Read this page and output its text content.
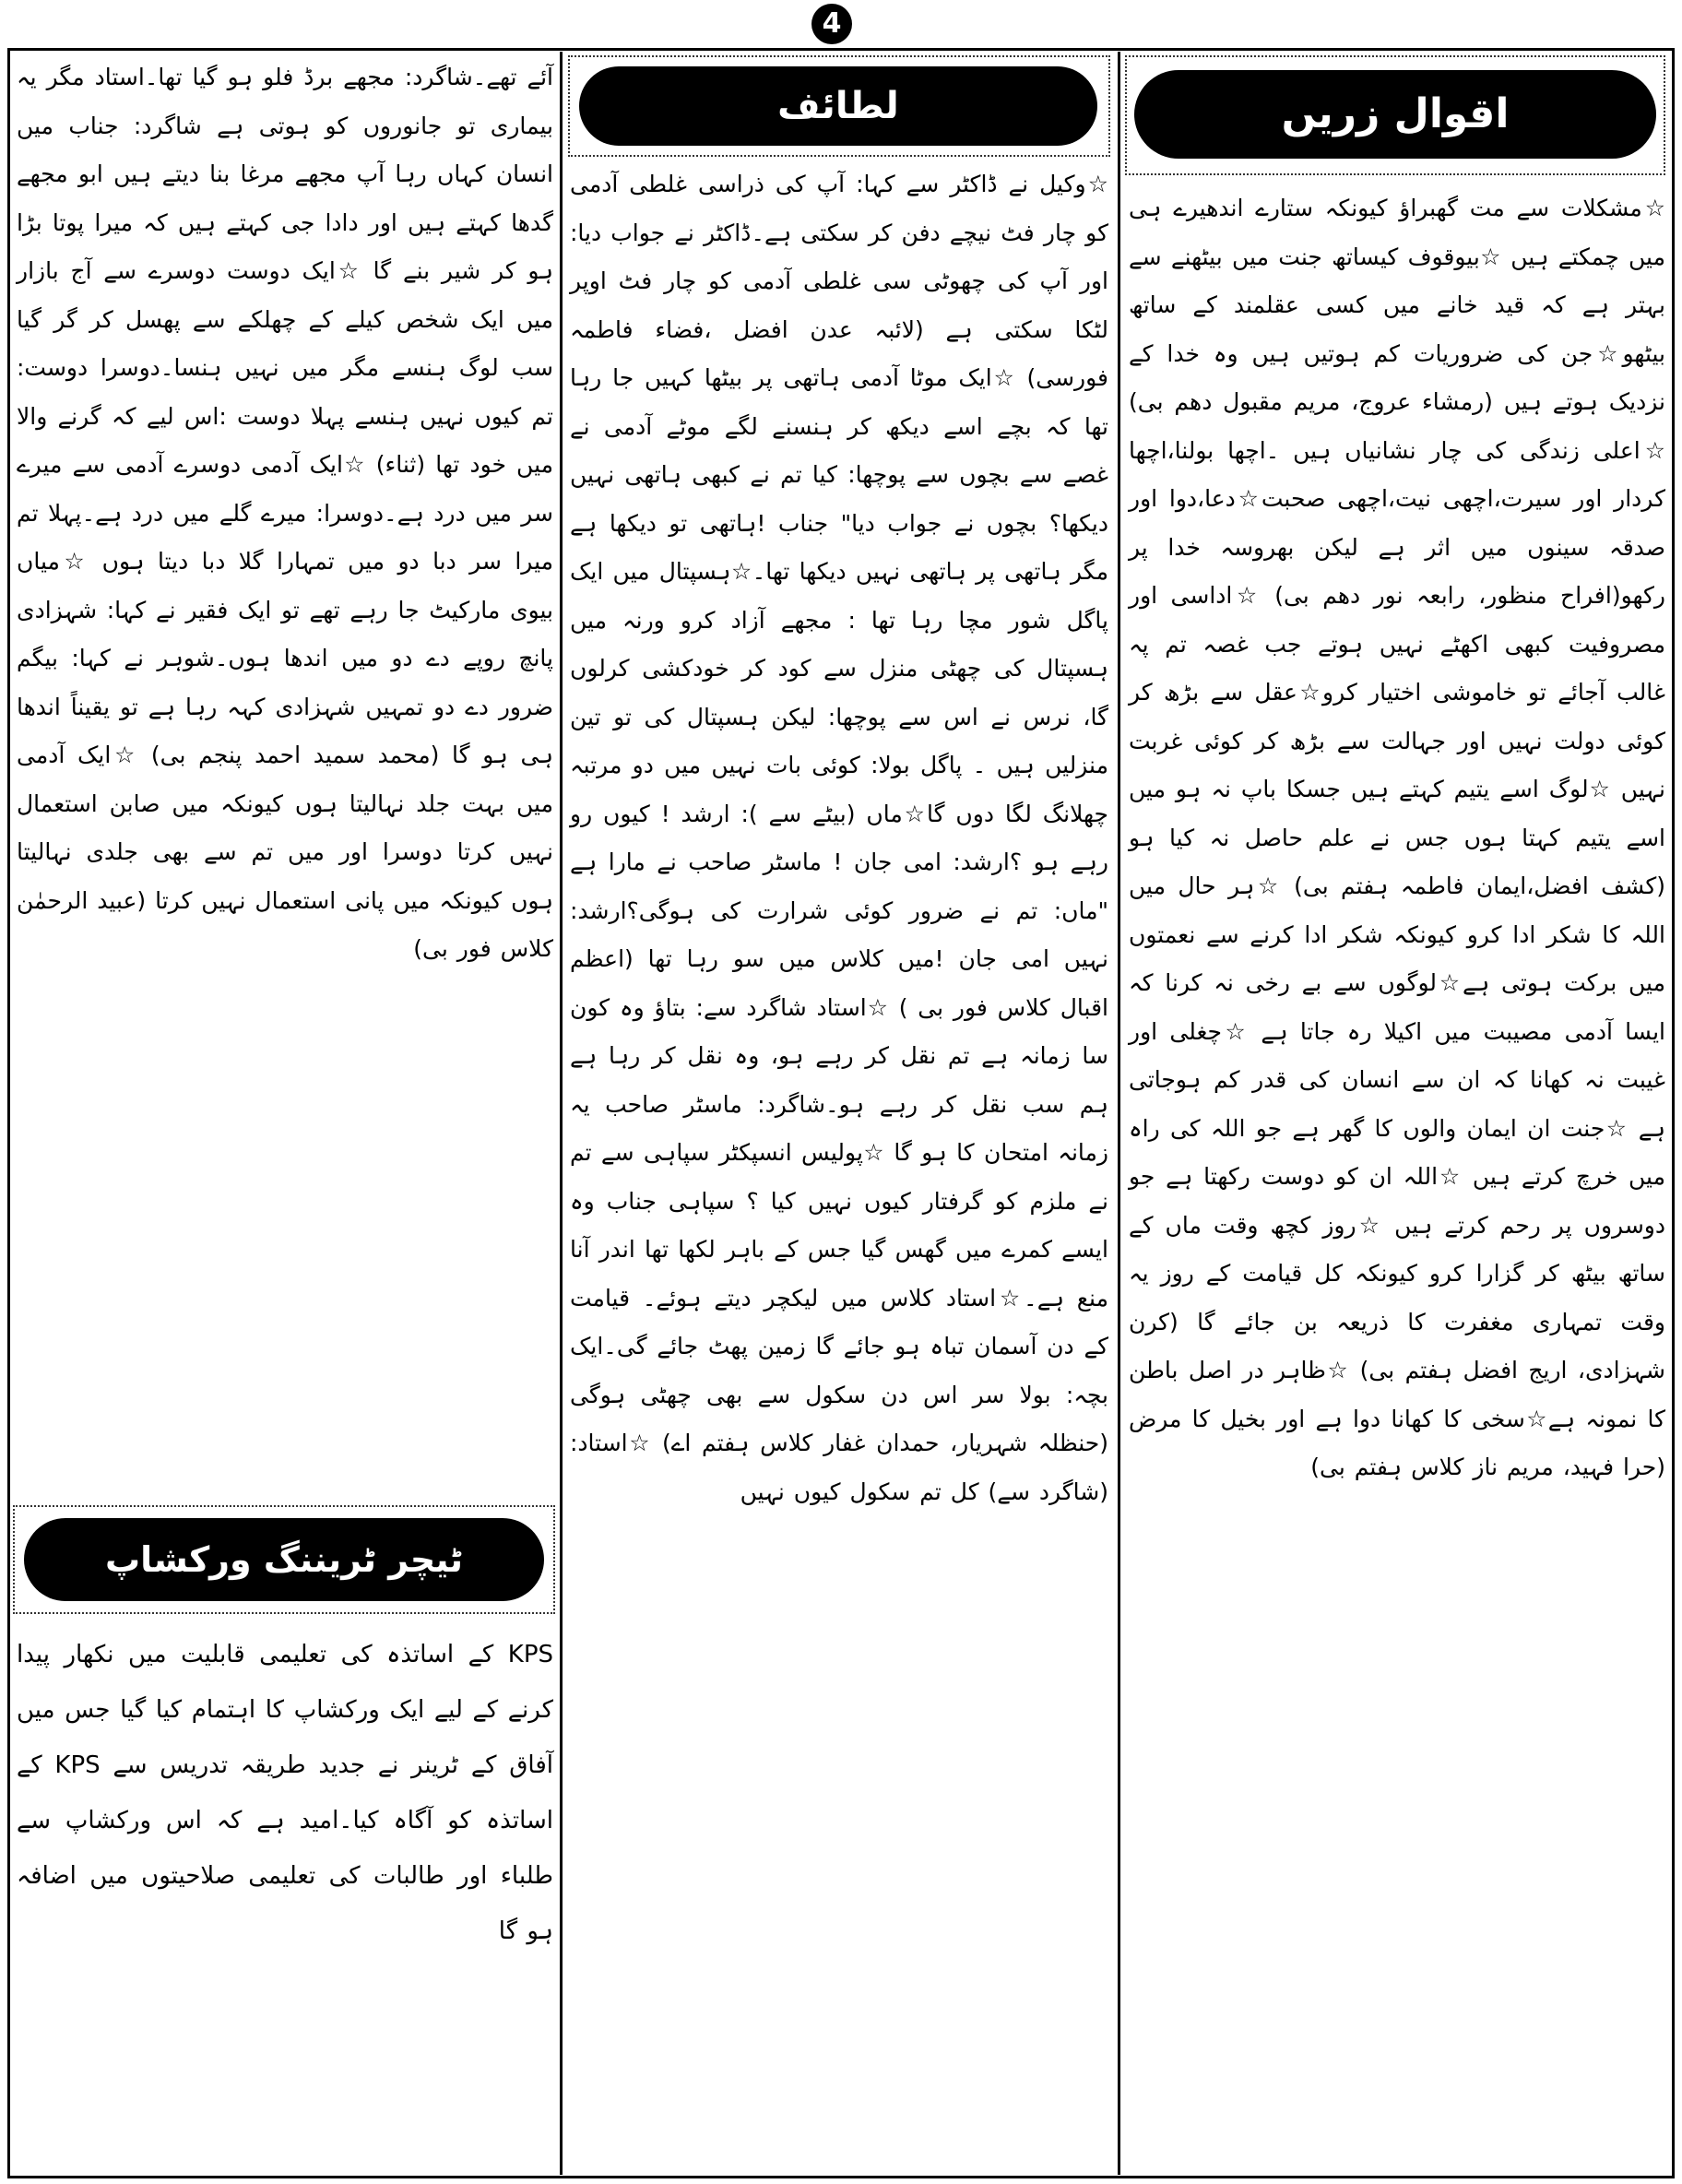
4
اقوال زریں
☆مشکلات سے مت گھبراؤ کیونکہ ستارے اندھیرے ہی میں چمکتے ہیں ☆بیوقوف کیساتھ جنت میں بیٹھنے سے بہتر ہے کہ قید خانے میں کسی عقلمند کے ساتھ بیٹھو☆جن کی ضروریات کم ہوتیں ہیں وہ خدا کے نزدیک ہوتے ہیں (رمشاء عروج، مریم مقبول دھم بی) ☆اعلی زندگی کی چار نشانیاں ہیں ۔اچھا بولنا،اچھا کردار اور سیرت،اچھی نیت،اچھی صحبت☆دعا،دوا اور صدقہ سینوں میں اثر ہے لیکن بھروسہ خدا پر رکھو(افراح منظور، رابعہ نور دھم بی) ☆اداسی اور مصروفیت کبھی اکھٹے نہیں ہوتے جب غصہ تم پہ غالب آجائے تو خاموشی اختیار کرو☆عقل سے بڑھ کر کوئی دولت نہیں اور جہالت سے بڑھ کر کوئی غربت نہیں ☆لوگ اسے یتیم کہتے ہیں جسکا باپ نہ ہو میں اسے یتیم کہتا ہوں جس نے علم حاصل نہ کیا ہو (کشف افضل،ایمان فاطمہ ہفتم بی) ☆ہر حال میں اللہ کا شکر ادا کرو کیونکہ شکر ادا کرنے سے نعمتوں میں برکت ہوتی ہے☆لوگوں سے بے رخی نہ کرنا کہ ایسا آدمی مصیبت میں اکیلا رہ جاتا ہے ☆چغلی اور غیبت نہ کھانا کہ ان سے انسان کی قدر کم ہوجاتی ہے ☆جنت ان ایمان والوں کا گھر ہے جو اللہ کی راہ میں خرچ کرتے ہیں ☆اللہ ان کو دوست رکھتا ہے جو دوسروں پر رحم کرتے ہیں ☆روز کچھ وقت ماں کے ساتھ بیٹھ کر گزارا کرو کیونکہ کل قیامت کے روز یہ وقت تمہاری مغفرت کا ذریعہ بن جائے گا (کرن شہزادی، اریج افضل ہفتم بی) ☆ظاہر در اصل باطن کا نمونہ ہے☆سخی کا کھانا دوا ہے اور بخیل کا مرض (حرا فہید، مریم ناز کلاس ہفتم بی)
لطائف
☆وکیل نے ڈاکٹر سے کہا: آپ کی ذراسی غلطی آدمی کو چار فٹ نیچے دفن کر سکتی ہے۔ڈاکٹر نے جواب دیا: اور آپ کی چھوٹی سی غلطی آدمی کو چار فٹ اوپر لٹکا سکتی ہے (لائبہ عدن افضل ،فضاء فاطمہ فورسی) ☆ایک موٹا آدمی ہاتھی پر بیٹھا کہیں جا رہا تھا کہ بچے اسے دیکھ کر ہنسنے لگے موٹے آدمی نے غصے سے بچوں سے پوچھا: کیا تم نے کبھی ہاتھی نہیں دیکھا؟ بچوں نے جواب دیا" جناب !ہاتھی تو دیکھا ہے مگر ہاتھی پر ہاتھی نہیں دیکھا تھا۔☆ہسپتال میں ایک پاگل شور مچا رہا تھا : مجھے آزاد کرو ورنہ میں ہسپتال کی چھٹی منزل سے کود کر خودکشی کرلوں گا، نرس نے اس سے پوچھا: لیکن ہسپتال کی تو تین منزلیں ہیں ۔ پاگل بولا: کوئی بات نہیں میں دو مرتبہ چھلانگ لگا دوں گا☆ماں (بیٹے سے ): ارشد ! کیوں رو رہے ہو ؟ارشد: امی جان ! ماسٹر صاحب نے مارا ہے "ماں: تم نے ضرور کوئی شرارت کی ہوگی؟ارشد: نہیں امی جان !میں کلاس میں سو رہا تھا (اعظم اقبال کلاس فور بی ) ☆استاد شاگرد سے: بتاؤ وہ کون سا زمانہ ہے تم نقل کر رہے ہو، وہ نقل کر رہا ہے ہم سب نقل کر رہے ہو۔شاگرد: ماسٹر صاحب یہ زمانہ امتحان کا ہو گا ☆پولیس انسپکٹر سپاہی سے تم نے ملزم کو گرفتار کیوں نہیں کیا ؟ سپاہی جناب وہ ایسے کمرے میں گھس گیا جس کے باہر لکھا تھا اندر آنا منع ہے۔☆استاد کلاس میں لیکچر دیتے ہوئے۔ قیامت کے دن آسمان تباہ ہو جائے گا زمین پھٹ جائے گی۔ایک بچہ: بولا سر اس دن سکول سے بھی چھٹی ہوگی (حنظلہ شہریار، حمدان غفار کلاس ہفتم اے) ☆استاد: (شاگرد سے) کل تم سکول کیوں نہیں
آئے تھے۔شاگرد: مجھے برڈ فلو ہو گیا تھا۔استاد مگر یہ بیماری تو جانوروں کو ہوتی ہے شاگرد: جناب میں انسان کہاں رہا آپ مجھے مرغا بنا دیتے ہیں ابو مجھے گدھا کہتے ہیں اور دادا جی کہتے ہیں کہ میرا پوتا بڑا ہو کر شیر بنے گا ☆ایک دوست دوسرے سے آج بازار میں ایک شخص کیلے کے چھلکے سے پھسل کر گر گیا سب لوگ ہنسے مگر میں نہیں ہنسا۔دوسرا دوست: تم کیوں نہیں ہنسے پہلا دوست :اس لیے کہ گرنے والا میں خود تھا (ثناء) ☆ایک آدمی دوسرے آدمی سے میرے سر میں درد ہے۔دوسرا: میرے گلے میں درد ہے۔پہلا تم میرا سر دبا دو میں تمہارا گلا دبا دیتا ہوں ☆میاں بیوی مارکیٹ جا رہے تھے تو ایک فقیر نے کہا: شہزادی پانچ روپے دے دو میں اندھا ہوں۔شوہر نے کہا: بیگم ضرور دے دو تمہیں شہزادی کہہ رہا ہے تو یقیناً اندھا ہی ہو گا (محمد سمید احمد پنجم بی) ☆ایک آدمی میں بہت جلد نہالیتا ہوں کیونکہ میں صابن استعمال نہیں کرتا دوسرا اور میں تم سے بھی جلدی نہالیتا ہوں کیونکہ میں پانی استعمال نہیں کرتا (عبید الرحمٰن کلاس فور بی)
ٹیچر ٹریننگ ورکشاپ
KPS کے اساتذہ کی تعلیمی قابلیت میں نکھار پیدا کرنے کے لیے ایک ورکشاپ کا اہتمام کیا گیا جس میں آفاق کے ٹرینر نے جدید طریقہ تدریس سے KPS کے اساتذہ کو آگاہ کیا۔امید ہے کہ اس ورکشاپ سے طلباء اور طالبات کی تعلیمی صلاحیتوں میں اضافہ ہو گا
